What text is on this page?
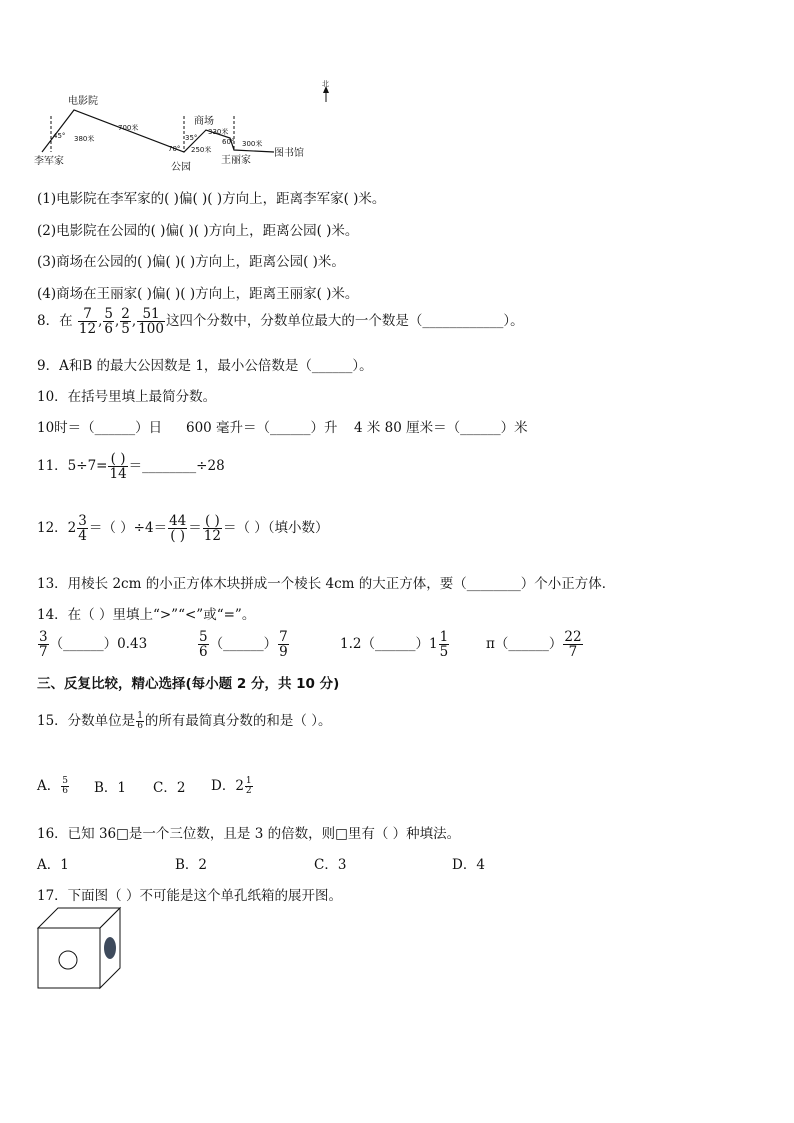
北
李军家
电影院
公园
商场
王丽家
图书馆
45°
70°
35°	60°
380米
700米
250米
330米
300米
(1)电影院在李军家的( )偏( )( )方向上，距离李军家( )米。
(2)电影院在公园的( )偏( )( )方向上，距离公园( )米。
(3)商场在公园的( )偏( )( )方向上，距离公园( )米。
(4)商场在王丽家( )偏( )( )方向上，距离王丽家( )米。
8．在 $\frac{7}{12}$ , $\frac{5}{6}$ , $\frac{2}{5}$ , $\frac{51}{100}$ 这四个分数中，分数单位最大的一个数是（____________）。
9．A和B 的最大公因数是 1，最小公倍数是（______）。
10．在括号里填上最简分数。
10时＝（______）日 600 毫升＝（______）升 4 米 80 厘米＝（______）米
11．$5\div 7= \frac{( )}{14}$ ＝________÷28
12．$2 \frac{3}{4}$ ＝（ ）$\div 4= \frac{44}{( )} = \frac{( )}{12}$ ＝（ ）（填小数）
13．用棱长 2cm 的小正方体木块拼成一个棱长 4cm 的大正方体，要（________）个小正方体．
14．在（ ）里填上“>”“<”或“=”。
$\frac{3}{7}$ （______）0.43	$\frac{5}{6}$ （______） $\frac{7}{9}$	1.2（______）1 $\frac{1}{5}$	π（______） $\frac{22}{7}$
三、反复比较，精心选择(每小题 2 分，共 10 分)
15．分数单位是 $\frac{1}{6}$ 的所有最简真分数的和是（ ）。
A． $\frac{5}{6}$ B．1 C．2 D．$2 \frac{1}{2}$
16．已知 36□是一个三位数，且是 3 的倍数，则□里有（ ）种填法。
A．1	B．2	C．3	D．4
17．下面图（ ）不可能是这个单孔纸箱的展开图。
